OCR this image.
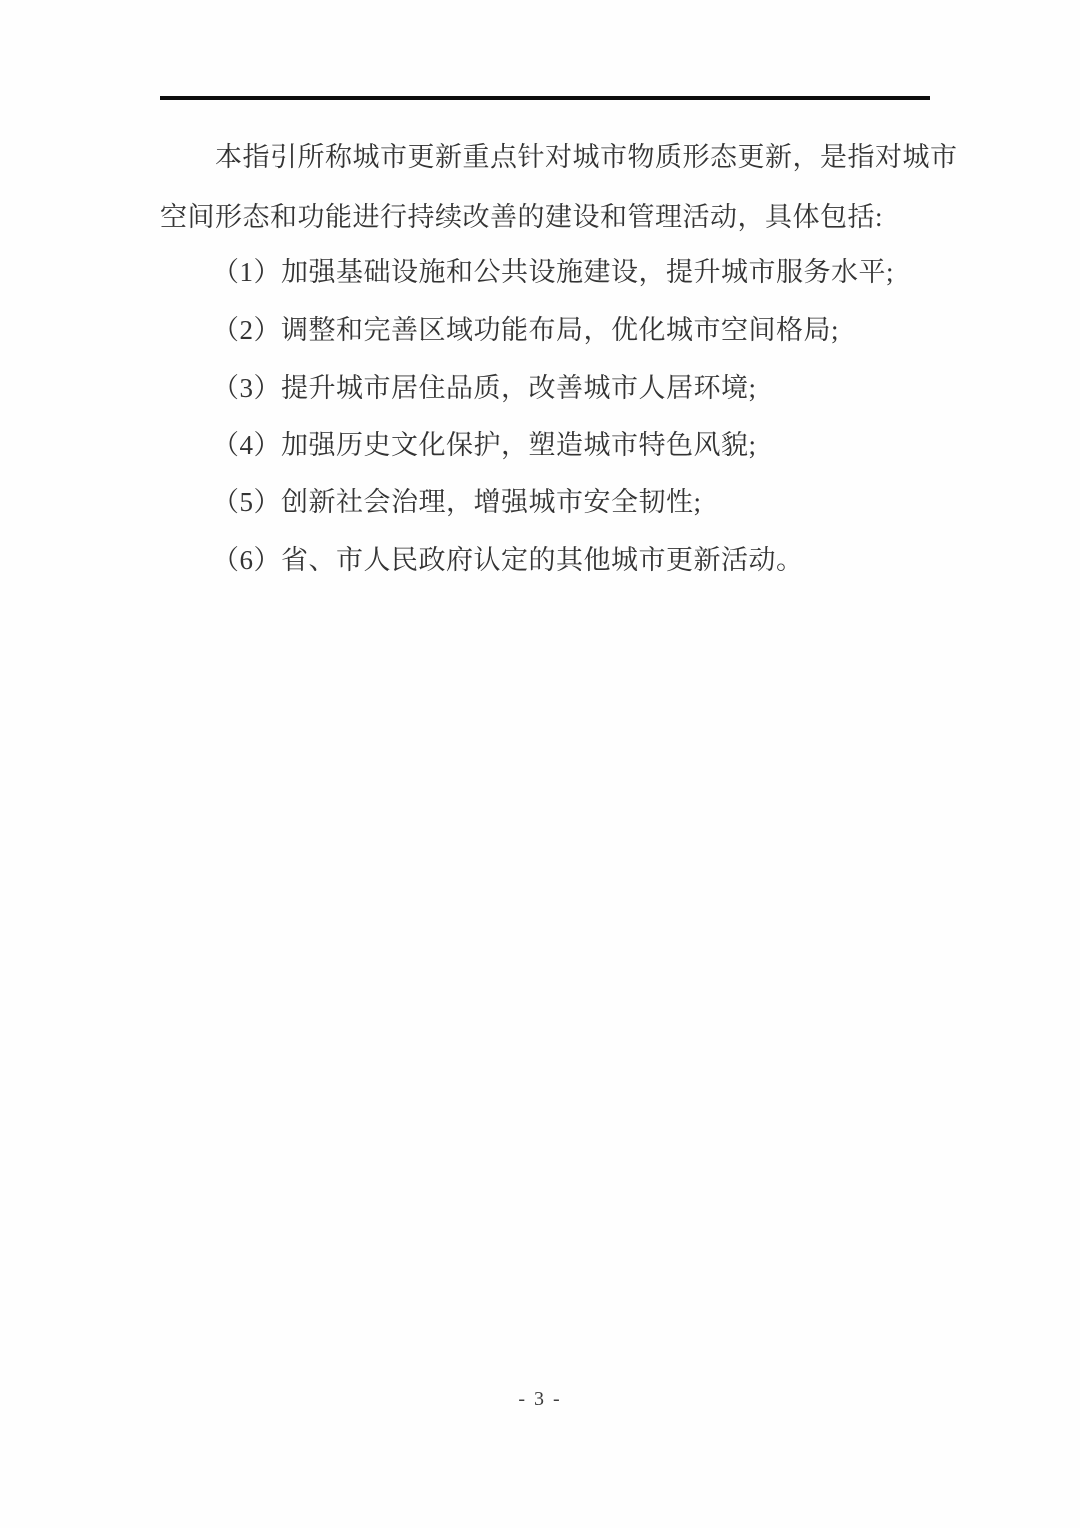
本指引所称城市更新重点针对城市物质形态更新，是指对城市
空间形态和功能进行持续改善的建设和管理活动，具体包括:
（1）加强基础设施和公共设施建设，提升城市服务水平;
（2）调整和完善区域功能布局，优化城市空间格局;
（3）提升城市居住品质，改善城市人居环境;
（4）加强历史文化保护，塑造城市特色风貌;
（5）创新社会治理，增强城市安全韧性;
（6）省、市人民政府认定的其他城市更新活动。
- 3 -
